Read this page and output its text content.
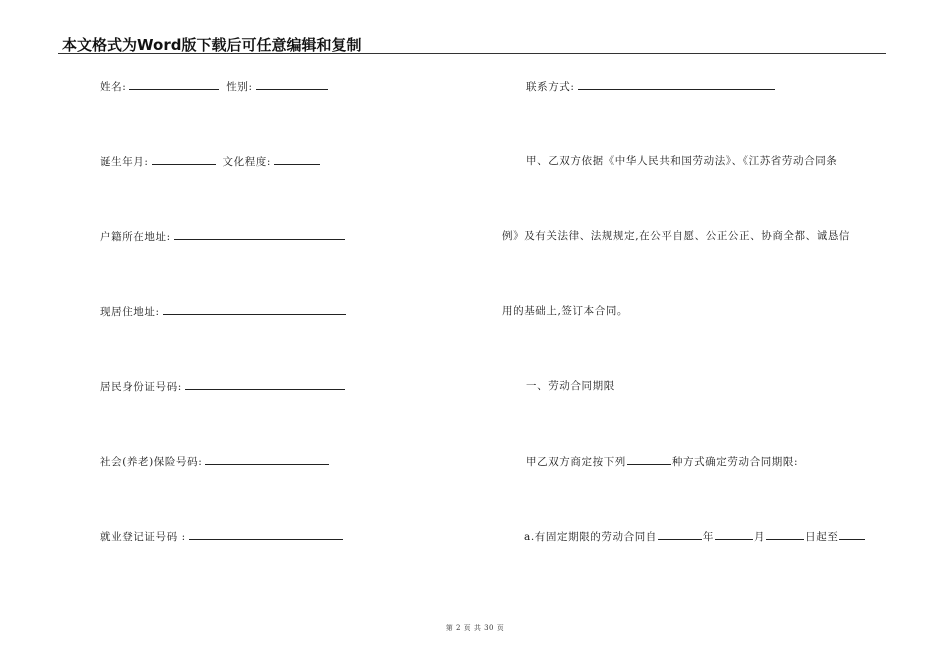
本文格式为Word版下载后可任意编辑和复制
姓名:	性别:
诞生年月:	文化程度:
户籍所在地址:
现居住地址:
居民身份证号码:
社会(养老)保险号码:
就业登记证号码 :
联系方式:
甲、乙双方依据《中华人民共和国劳动法》、《江苏省劳动合同条
例》及有关法律、法规规定,在公平自愿、公正公正、协商全都、诚恳信
用的基础上,签订本合同。
一、劳动合同期限
甲乙双方商定按下列	种方式确定劳动合同期限:
a.有固定期限的劳动合同自	年	月	日起至
第 2 页 共 30 页
